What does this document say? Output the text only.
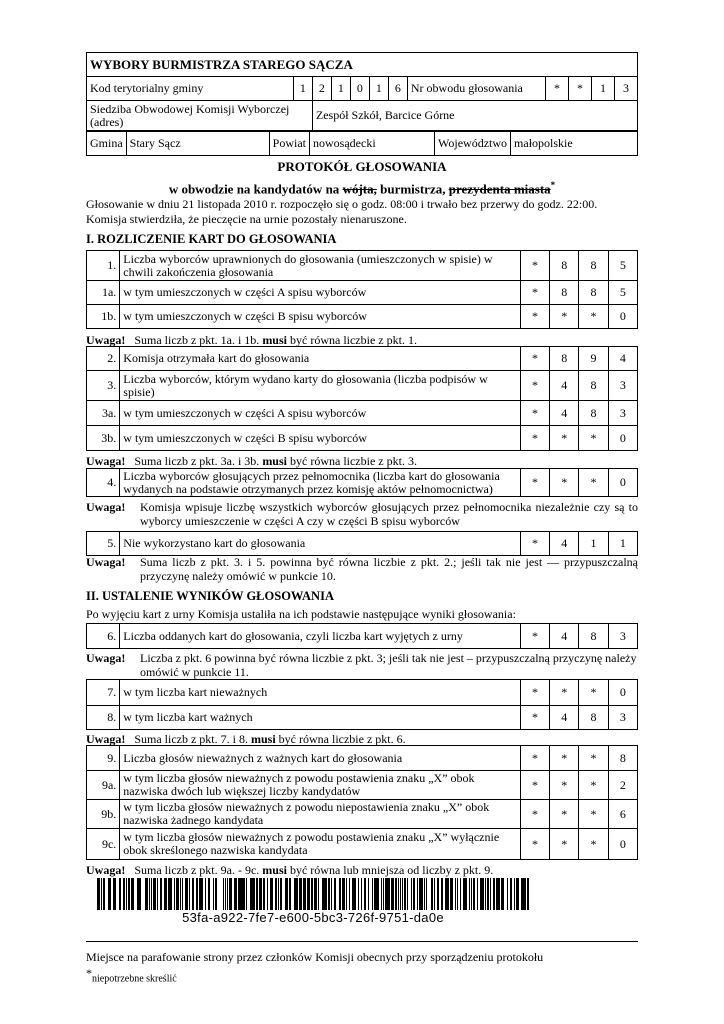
WYBORY BURMISTRZA STAREGO SĄCZA											
Kod terytorialny gminy	1	2	1	0	1	6	Nr obwodu głosowania	*	*	1	3
Siedziba Obwodowej Komisji Wyborczej (adres)		Zespół Szkół, Barcice Górne									
Gmina	Stary Sącz	Powiat	nowosądecki	Województwo	małopolskie
PROTOKÓŁ GŁOSOWANIA
w obwodzie na kandydatów na wójta, burmistrza, prezydenta miasta*
Głosowanie w dniu 21 listopada 2010 r. rozpoczęło się o godz. 08:00 i trwało bez przerwy do godz. 22:00. Komisja stwierdziła, że pieczęcie na urnie pozostały nienaruszone.
I. ROZLICZENIE KART DO GŁOSOWANIA
1.	Liczba wyborców uprawnionych do głosowania (umieszczonych w spisie) w chwili zakończenia głosowania	*	8	8	5
1a.	w tym umieszczonych w części A spisu wyborców	*	8	8	5
1b.	w tym umieszczonych w części B spisu wyborców	*	*	*	0
2.	Komisja otrzymała kart do głosowania	*	8	9	4
3.	Liczba wyborców, którym wydano karty do głosowania (liczba podpisów w spisie)	*	4	8	3
3a.	w tym umieszczonych w części A spisu wyborców	*	4	8	3
3b.	w tym umieszczonych w części B spisu wyborców	*	*	*	0
4.	Liczba wyborców głosujących przez pełnomocnika (liczba kart do głosowania wydanych na podstawie otrzymanych przez komisję aktów pełnomocnictwa)	*	*	*	0
5.	Nie wykorzystano kart do głosowania	*	4	1	1
Uwaga! Suma liczb z pkt. 1a. i 1b. musi być równa liczbie z pkt. 1.
Uwaga! Suma liczb z pkt. 3a. i 3b. musi być równa liczbie z pkt. 3.
Uwaga! Komisja wpisuje liczbę wszystkich wyborców głosujących przez pełnomocnika niezależnie czy są to wyborcy umieszczenie w części A czy w części B spisu wyborców
Uwaga! Suma liczb z pkt. 3. i 5. powinna być równa liczbie z pkt. 2.; jeśli tak nie jest — przypuszczalną przyczynę należy omówić w punkcie 10.
II. USTALENIE WYNIKÓW GŁOSOWANIA
Po wyjęciu kart z urny Komisja ustaliła na ich podstawie następujące wyniki głosowania:
6.	Liczba oddanych kart do głosowania, czyli liczba kart wyjętych z urny	*	4	8	3
7.	w tym liczba kart nieważnych	*	*	*	0
8.	w tym liczba kart ważnych	*	4	8	3
9.	Liczba głosów nieważnych z ważnych kart do głosowania	*	*	*	8
9a.	w tym liczba głosów nieważnych z powodu postawienia znaku „X” obok nazwiska dwóch lub większej liczby kandydatów	*	*	*	2
9b.	w tym liczba głosów nieważnych z powodu niepostawienia znaku „X” obok nazwiska żadnego kandydata	*	*	*	6
9c.	w tym liczba głosów nieważnych z powodu postawienia znaku „X” wyłącznie obok skreślonego nazwiska kandydata	*	*	*	0
Uwaga! Liczba z pkt. 6 powinna być równa liczbie z pkt. 3; jeśli tak nie jest – przypuszczalną przyczynę należy omówić w punkcie 11.
Uwaga! Suma liczb z pkt. 7. i 8. musi być równa liczbie z pkt. 6.
Uwaga! Suma liczb z pkt. 9a. - 9c. musi być równa lub mniejsza od liczby z pkt. 9.
53fa-a922-7fe7-e600-5bc3-726f-9751-da0e
Miejsce na parafowanie strony przez członków Komisji obecnych przy sporządzeniu protokołu
*niepotrzebne skreślić
